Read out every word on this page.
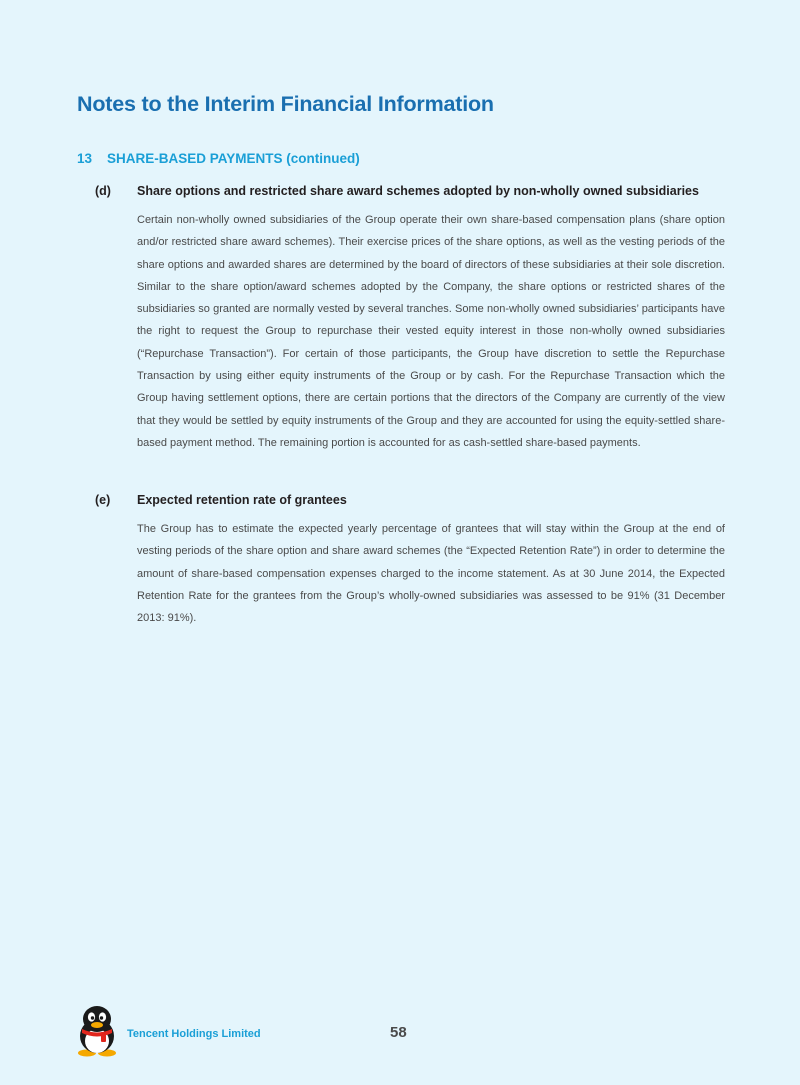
Notes to the Interim Financial Information
13	SHARE-BASED PAYMENTS (continued)
(d)	Share options and restricted share award schemes adopted by non-wholly owned subsidiaries

Certain non-wholly owned subsidiaries of the Group operate their own share-based compensation plans (share option and/or restricted share award schemes). Their exercise prices of the share options, as well as the vesting periods of the share options and awarded shares are determined by the board of directors of these subsidiaries at their sole discretion. Similar to the share option/award schemes adopted by the Company, the share options or restricted shares of the subsidiaries so granted are normally vested by several tranches. Some non-wholly owned subsidiaries’ participants have the right to request the Group to repurchase their vested equity interest in those non-wholly owned subsidiaries (“Repurchase Transaction”). For certain of those participants, the Group have discretion to settle the Repurchase Transaction by using either equity instruments of the Group or by cash. For the Repurchase Transaction which the Group having settlement options, there are certain portions that the directors of the Company are currently of the view that they would be settled by equity instruments of the Group and they are accounted for using the equity-settled share-based payment method. The remaining portion is accounted for as cash-settled share-based payments.

(e)	Expected retention rate of grantees

The Group has to estimate the expected yearly percentage of grantees that will stay within the Group at the end of vesting periods of the share option and share award schemes (the “Expected Retention Rate”) in order to determine the amount of share-based compensation expenses charged to the income statement. As at 30 June 2014, the Expected Retention Rate for the grantees from the Group’s wholly-owned subsidiaries was assessed to be 91% (31 December 2013: 91%).

Tencent Holdings Limited	58
